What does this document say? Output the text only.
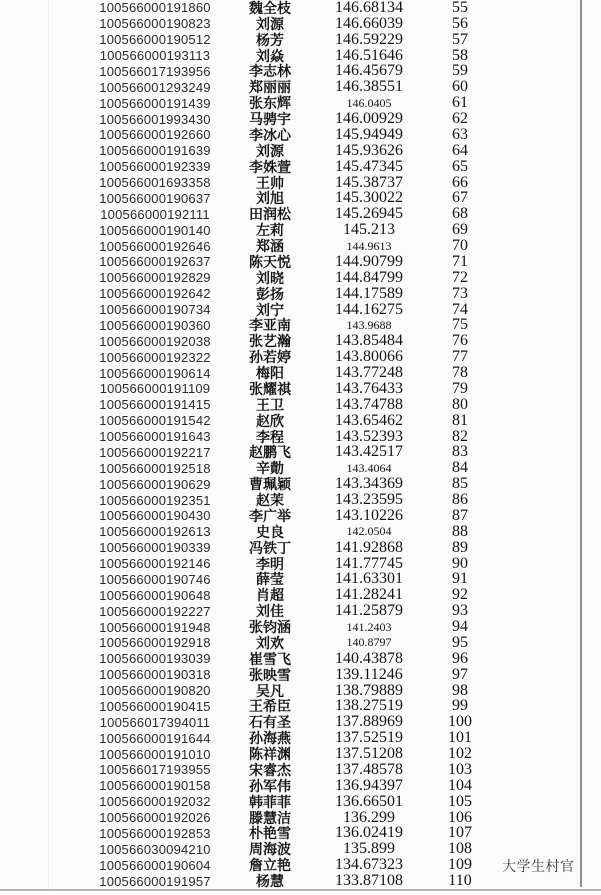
100566000191860	魏全枝	146.68134	55
100566000190823	刘源	146.66039	56
100566000190512	杨芳	146.59229	57
100566000193113	刘焱	146.51646	58
100566017193956	李志林	146.45679	59
100566001293249	郑丽丽	146.38551	60
100566000191439	张东辉	146.0405	61
100566001993430	马骋宇	146.00929	62
100566000192660	李冰心	145.94949	63
100566000191639	刘源	145.93626	64
100566000192339	李姝萱	145.47345	65
100566001693358	王帅	145.38737	66
100566000190637	刘旭	145.30022	67
100566000192111	田润松	145.26945	68
100566000190140	左莉	145.213	69
100566000192646	郑涵	144.9613	70
100566000192637	陈天悦	144.90799	71
100566000192829	刘晓	144.84799	72
100566000192642	彭扬	144.17589	73
100566000190734	刘宁	144.16275	74
100566000190360	李亚南	143.9688	75
100566000192038	张艺瀚	143.85484	76
100566000192322	孙若婷	143.80066	77
100566000190614	梅阳	143.77248	78
100566000191109	张耀祺	143.76433	79
100566000191415	王卫	143.74788	80
100566000191542	赵欣	143.65462	81
100566000191643	李程	143.52393	82
100566000192217	赵鹏飞	143.42517	83
100566000192518	辛勣	143.4064	84
100566000190629	曹珮颖	143.34369	85
100566000192351	赵茉	143.23595	86
100566000190430	李广举	143.10226	87
100566000192613	史良	142.0504	88
100566000190339	冯铁丁	141.92868	89
100566000192146	李明	141.77745	90
100566000190746	薛莹	141.63301	91
100566000190648	肖超	141.28241	92
100566000192227	刘佳	141.25879	93
100566000191948	张钧涵	141.2403	94
100566000192918	刘欢	140.8797	95
100566000193039	崔雪飞	140.43878	96
100566000190318	张映雪	139.11246	97
100566000190820	吴凡	138.79889	98
100566000190415	王希臣	138.27519	99
100566017394011	石有圣	137.88969	100
100566000191644	孙海燕	137.52519	101
100566000191010	陈祥渊	137.51208	102
100566017193955	宋睿杰	137.48578	103
100566000190158	孙军伟	136.94397	104
100566000192032	韩菲菲	136.66501	105
100566000192026	滕慧洁	136.299	106
100566000192853	朴艳雪	136.02419	107
100566030094210	周海波	135.899	108
100566000190604	詹立艳	134.67323	109
100566000191957	杨慧	133.87108	110
大学生村官
